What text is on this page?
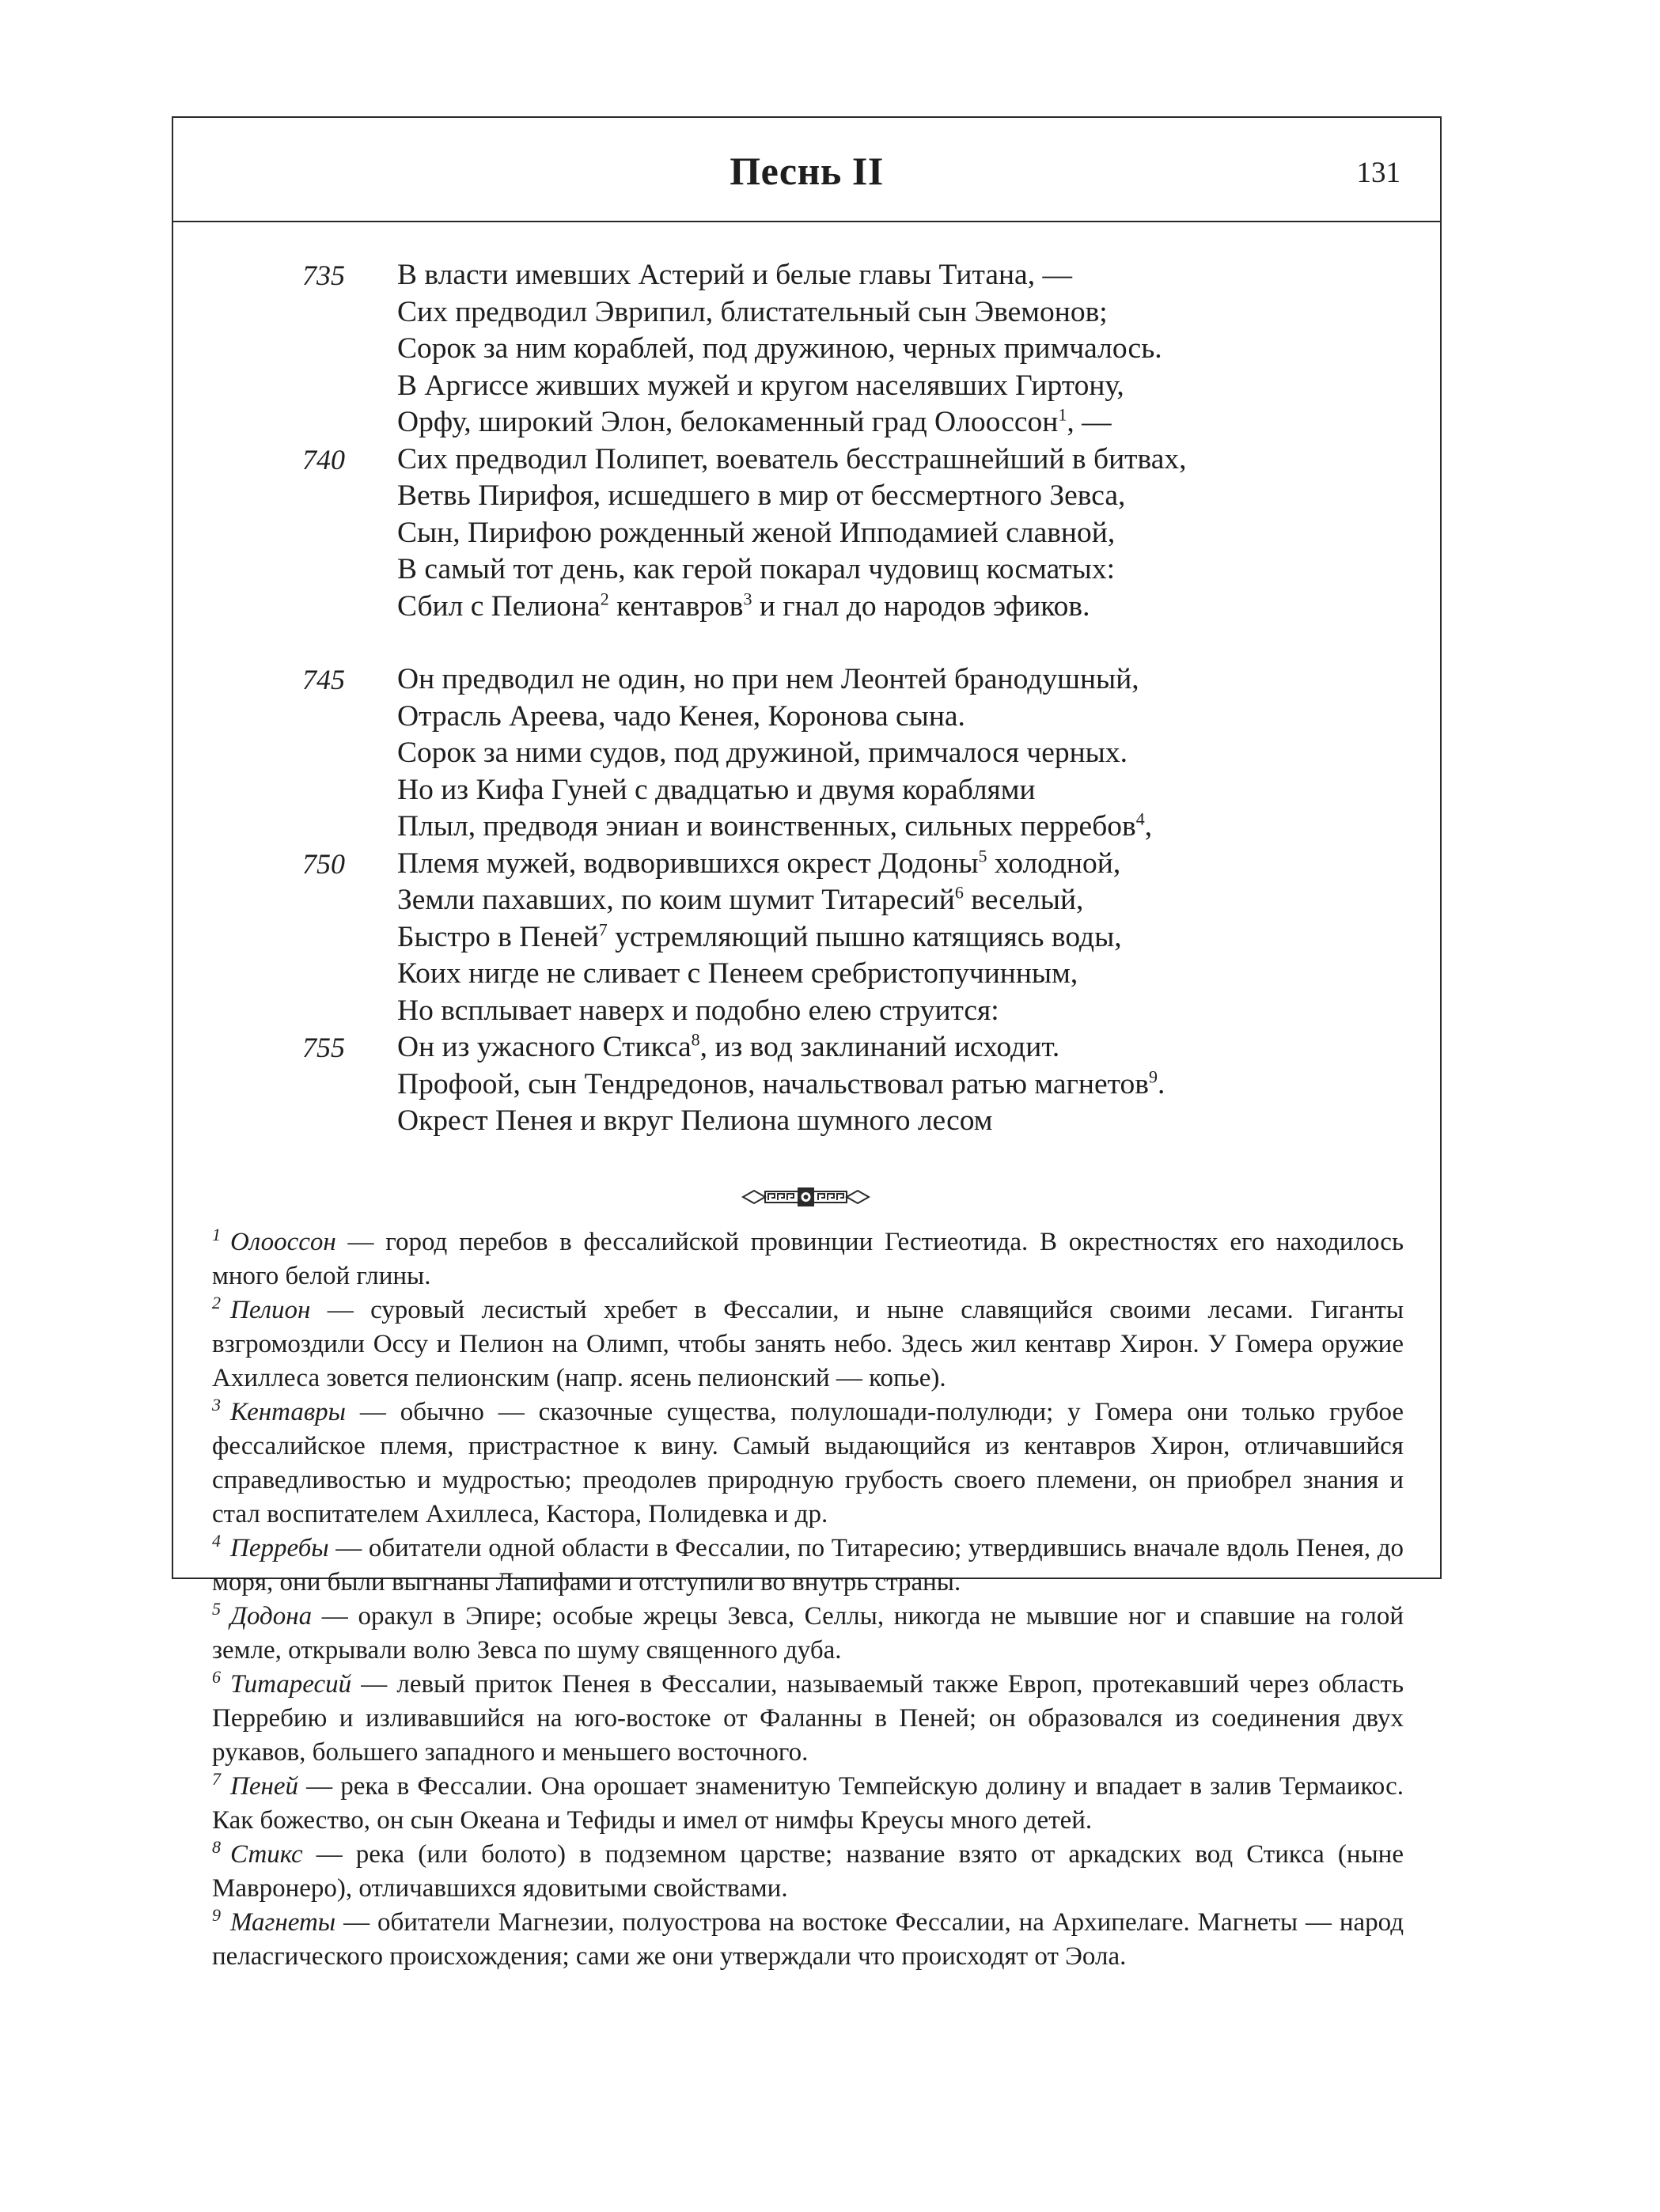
Песнь II	131
735 В власти имевших Астерий и белые главы Титана, —
Сих предводил Эврипил, блистательный сын Эвемонов;
Сорок за ним кораблей, под дружиною, черных примчалось.
В Аргиссе живших мужей и кругом населявших Гиртону,
Орфу, широкий Элон, белокаменный град Олоосcон$^1$, —
740 Сих предводил Полипет, воеватель бесстрашнейший в битвах,
Ветвь Пирифоя, исшедшего в мир от бессмертного Зевса,
Сын, Пирифою рожденный женой Ипподамией славной,
В самый тот день, как герой покарал чудовищ косматых:
Сбил с Пелиона$^2$ кентавров$^3$ и гнал до народов эфиков.
745 Он предводил не один, но при нем Леонтей бранодушный,
Отрасль Ареева, чадо Кенея, Коронова сына.
Сорок за ними судов, под дружиной, примчалося черных.
Но из Кифа Гуней с двадцатью и двумя кораблями
Плыл, предводя эниан и воинственных, сильных перребов$^4$,
750 Племя мужей, водворившихся окрест Додоны$^5$ холодной,
Земли пахавших, по коим шумит Титаресий$^6$ веселый,
Быстро в Пеней$^7$ устремляющий пышно катящиясь воды,
Коих нигде не сливает с Пенеем сребристопучинным,
Но всплывает наверх и подобно елею струится:
755 Он из ужасного Стикса$^8$, из вод заклинаний исходит.
Профоой, сын Тендредонов, начальствовал ратью магнетов$^9$.
Окрест Пенея и вкруг Пелиона шумного лесом

$^1$ Олоосcон — город перебов в фессалийской провинции Гестиеотида. В окрестностях его находилось много белой глины.

$^2$ Пелион — суровый лесистый хребет в Фессалии, и ныне славящийся своими лесами. Гиганты взгромоздили Оссу и Пелион на Олимп, чтобы занять небо. Здесь жил кентавр Хирон. У Гомера оружие Ахиллеса зовется пелионским (напр. ясень пелионский — копье).

$^3$ Кентавры — обычно — сказочные существа, полулошади-полулюди; у Гомера они только грубое фессалийское племя, пристрастное к вину. Самый выдающийся из кентавров Хирон, отличавшийся справедливостью и мудростью; преодолев природную грубость своего племени, он приобрел знания и стал воспитателем Ахиллеса, Кастора, Полидевка и др.

$^4$ Перребы — обитатели одной области в Фессалии, по Титаресию; утвердившись вначале вдоль Пенея, до моря, они были выгнаны Лапифами и отступили во внутрь страны.

$^5$ Додона — оракул в Эпире; особые жрецы Зевса, Селлы, никогда не мывшие ног и спавшие на голой земле, открывали волю Зевса по шуму священного дуба.

$^6$ Титаресий — левый приток Пенея в Фессалии, называемый также Европ, протекавший через область Перребию и изливавшийся на юго-востоке от Фаланны в Пеней; он образовался из соединения двух рукавов, большего западного и меньшего восточного.

$^7$ Пеней — река в Фессалии. Она орошает знаменитую Темпейскую долину и впадает в залив Термаикос. Как божество, он сын Океана и Тефиды и имел от нимфы Креусы много детей.

$^8$ Стикс — река (или болото) в подземном царстве; название взято от аркадских вод Стикса (ныне Мавронеро), отличавшихся ядовитыми свойствами.

$^9$ Магнеты — обитатели Магнезии, полуострова на востоке Фессалии, на Архипелаге. Магнеты — народ пеласгического происхождения; сами же они утверждали что происходят от Эола.
